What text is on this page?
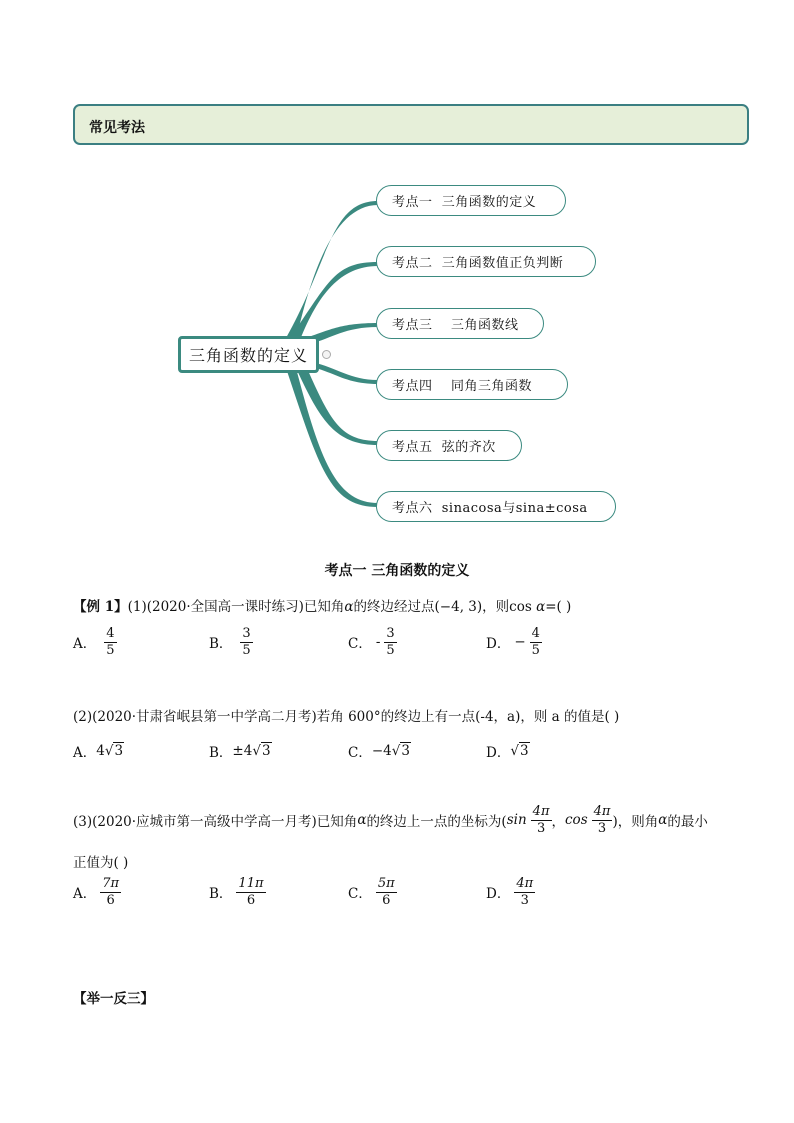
常见考法
三角函数的定义
考点一  三角函数的定义
考点二  三角函数值正负判断
考点三    三角函数线
考点四    同角三角函数
考点五  弦的齐次
考点六  sinacosa与sina±cosa
考点一 三角函数的定义
【例 1】(1)(2020·全国高一课时练习)已知角α的终边经过点(−4, 3)，则cos α=( )
A． $\frac{4}{5}$	B． $\frac{3}{5}$	C． - $\frac{3}{5}$	D． − $\frac{4}{5}$
(2)(2020·甘肃省岷县第一中学高二月考)若角 600°的终边上有一点(-4，a)，则 a 的值是( )
A． 4 √3	B． ±4 √3	C． −4 √3	D． √3
(3)(2020·应城市第一高级中学高一月考)已知角 α 的终边上一点的坐标为( $\sin \frac{4\pi}{3}$ ， $\cos \frac{4\pi}{3}$ )，则角 α 的最小
正值为( )
A． $\frac{7\pi}{6}$	B． $\frac{11\pi}{6}$	C． $\frac{5\pi}{6}$	D． $\frac{4\pi}{3}$
【举一反三】
